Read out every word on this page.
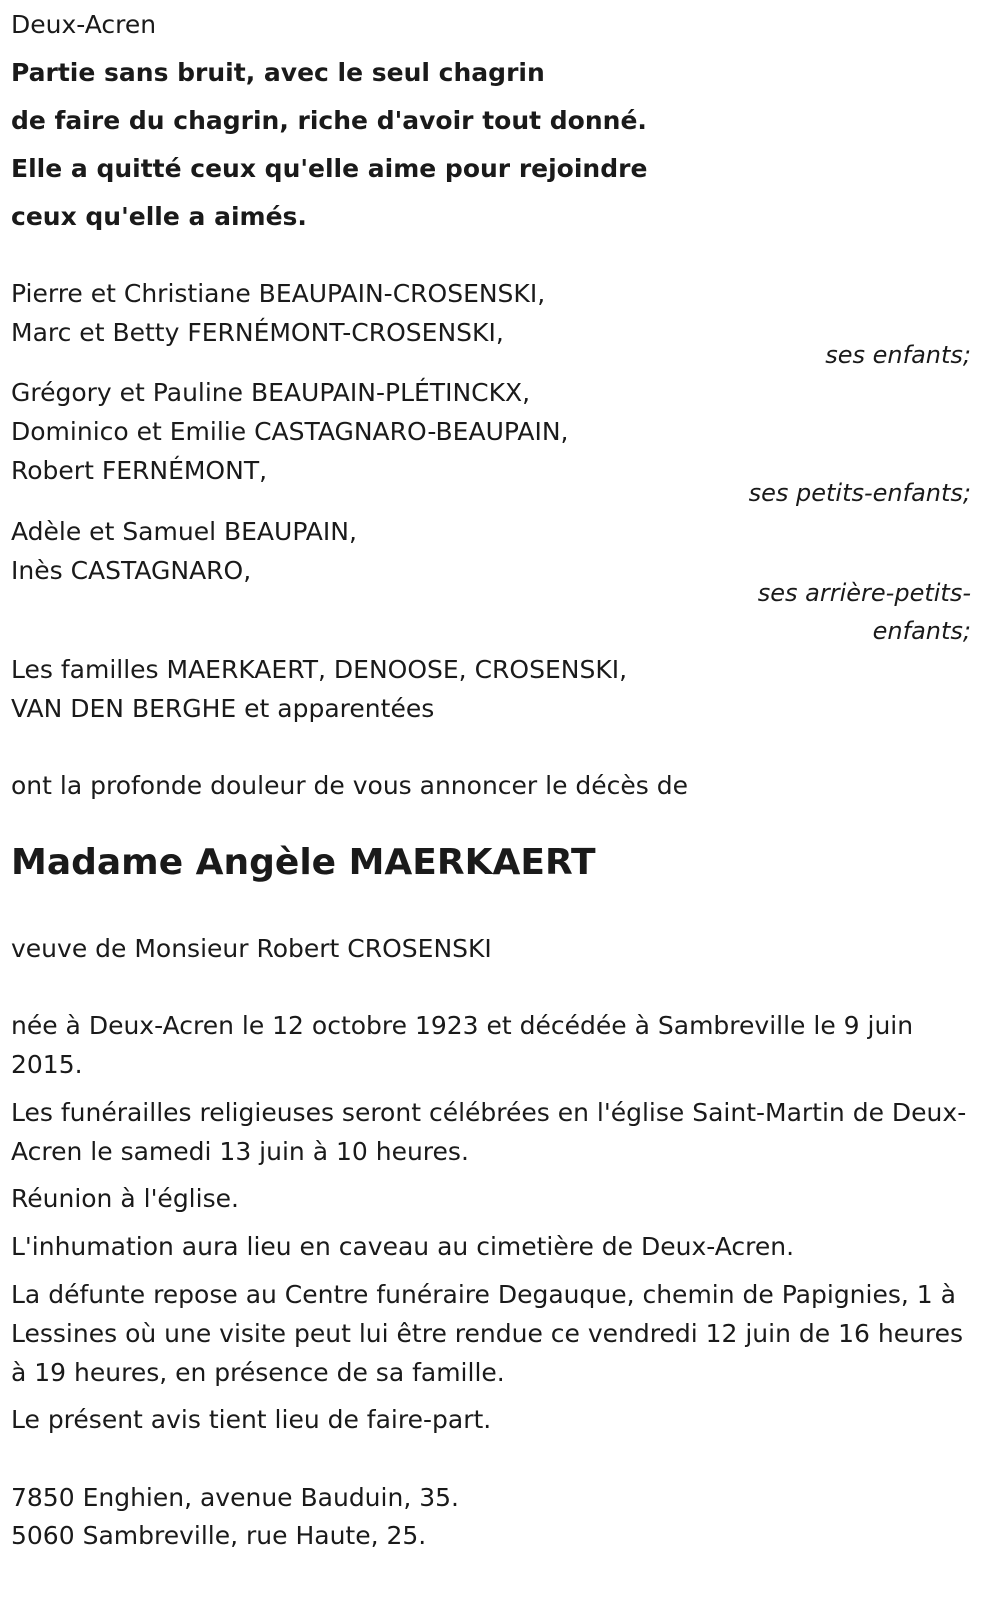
Deux-Acren
Partie sans bruit, avec le seul chagrin
de faire du chagrin, riche d'avoir tout donné.
Elle a quitté ceux qu'elle aime pour rejoindre
ceux qu'elle a aimés.
Pierre et Christiane BEAUPAIN-CROSENSKI,
Marc et Betty FERNÉMONT-CROSENSKI,
ses enfants;
Grégory et Pauline BEAUPAIN-PLÉTINCKX,
Dominico et Emilie CASTAGNARO-BEAUPAIN,
Robert FERNÉMONT,
ses petits-enfants;
Adèle et Samuel BEAUPAIN,
Inès CASTAGNARO,
ses arrière-petits-
enfants;
Les familles MAERKAERT, DENOOSE, CROSENSKI,
VAN DEN BERGHE et apparentées
ont la profonde douleur de vous annoncer le décès de
Madame Angèle MAERKAERT
veuve de Monsieur Robert CROSENSKI
née à Deux-Acren le 12 octobre 1923 et décédée à Sambreville le 9 juin 2015.
Les funérailles religieuses seront célébrées en l'église Saint-Martin de Deux-Acren le samedi 13 juin à 10 heures.
Réunion à l'église.
L'inhumation aura lieu en caveau au cimetière de Deux-Acren.
La défunte repose au Centre funéraire Degauque, chemin de Papignies, 1 à Lessines où une visite peut lui être rendue ce vendredi 12 juin de 16 heures à 19 heures, en présence de sa famille.
Le présent avis tient lieu de faire-part.
7850 Enghien, avenue Bauduin, 35.
5060 Sambreville, rue Haute, 25.
